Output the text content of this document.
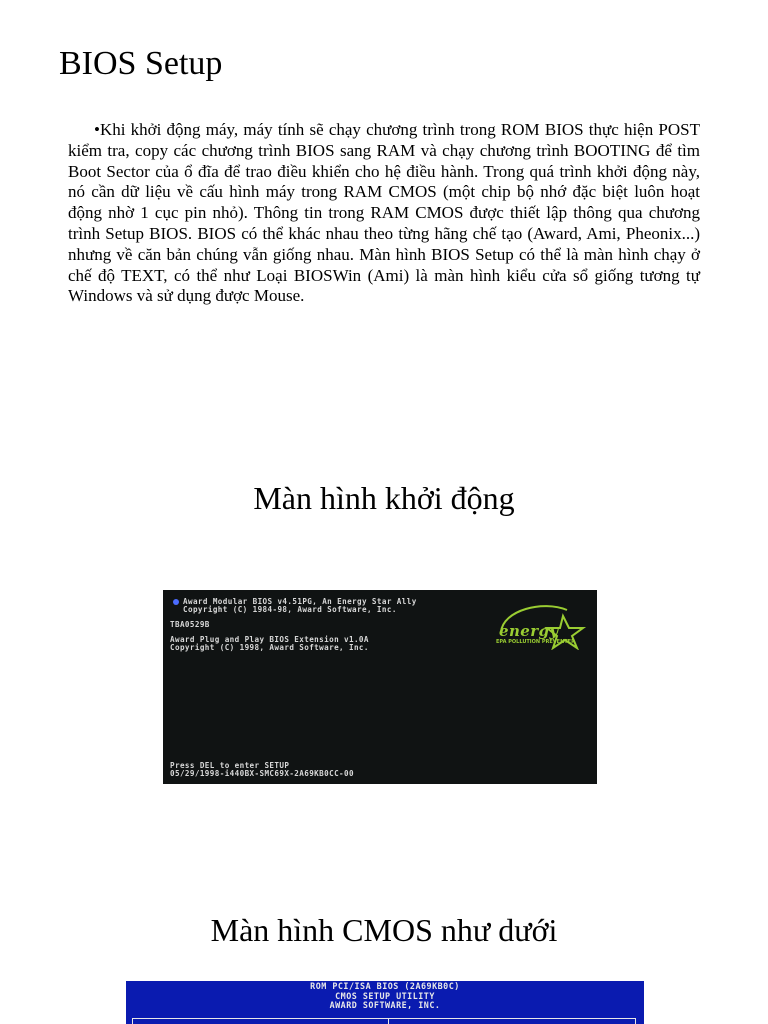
BIOS Setup
•Khi khởi động máy, máy tính sẽ chạy chương trình trong ROM BIOS thực hiện POST kiểm tra, copy các chương trình BIOS sang RAM và chạy chương trình BOOTING để tìm Boot Sector của ổ đĩa để trao điều khiển cho hệ điều hành. Trong quá trình khởi động này, nó cần dữ liệu về cấu hình máy trong RAM CMOS (một chip bộ nhớ đặc biệt luôn hoạt động nhờ 1 cục pin nhỏ). Thông tin trong RAM CMOS được thiết lập thông qua chương trình Setup BIOS. BIOS có thể khác nhau theo từng hãng chế tạo (Award, Ami, Pheonix...) nhưng về căn bản chúng vẫn giống nhau. Màn hình BIOS Setup có thể là màn hình chạy ở chế độ TEXT, có thể như Loại BIOSWin (Ami) là màn hình kiểu cửa sổ giống tương tự Windows và sử dụng được Mouse.
Màn hình khởi động
Award Modular BIOS v4.51PG, An Energy Star Ally
Copyright (C) 1984-98, Award Software, Inc.
TBA0529B
Award Plug and Play BIOS Extension v1.0A
Copyright (C) 1998, Award Software, Inc.
Press DEL to enter SETUP
05/29/1998-i440BX-SMC69X-2A69KB0CC-00
energy
EPA POLLUTION PREVENTER
Màn hình CMOS như dưới
ROM PCI/ISA BIOS (2A69KB0C)
CMOS SETUP UTILITY
AWARD SOFTWARE, INC.
